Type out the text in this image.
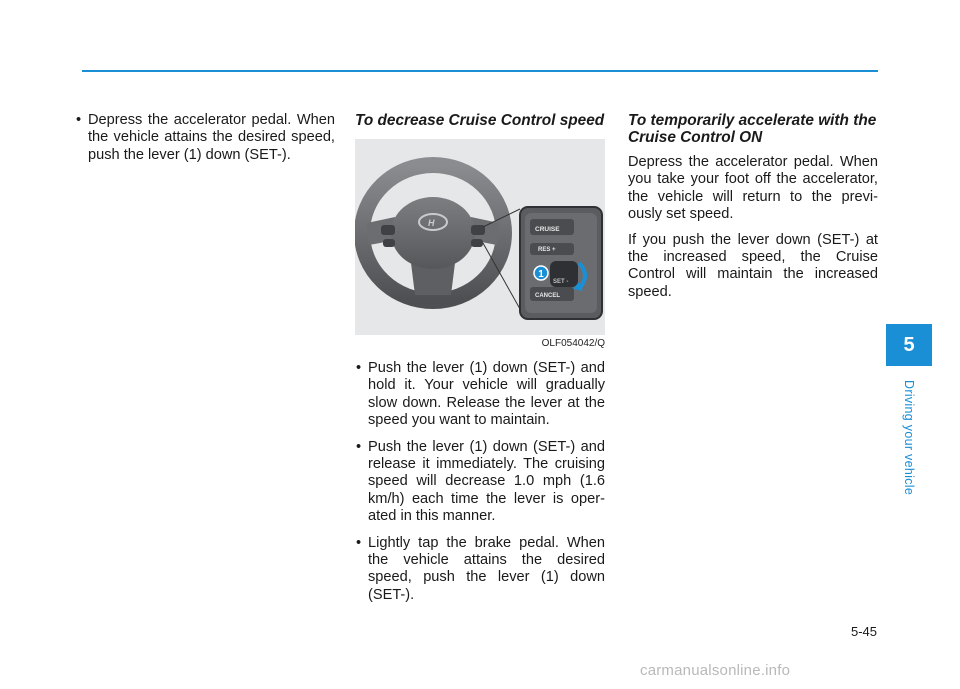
• Depress the accelerator pedal. When the vehicle attains the desired speed, push the lever (1) down (SET-).
To decrease Cruise Control speed
H
1
CRUISE
RES +
SET -
CANCEL
OLF054042/Q
• Push the lever (1) down (SET-) and hold it. Your vehicle will gradually slow down. Release the lever at the speed you want to maintain.
• Push the lever (1) down (SET-) and release it immediately. The cruising speed will decrease 1.0 mph (1.6 km/h) each time the lever is oper- ated in this manner.
• Lightly tap the brake pedal. When the vehicle attains the desired speed, push the lever (1) down (SET-).
To temporarily accelerate with the Cruise Control ON

Depress the accelerator pedal. When you take your foot off the accelerator, the vehicle will return to the previ- ously set speed.

If you push the lever down (SET-) at the increased speed, the Cruise Control will maintain the increased speed.

5
Driving your vehicle
5-45
carmanualsonline.info
